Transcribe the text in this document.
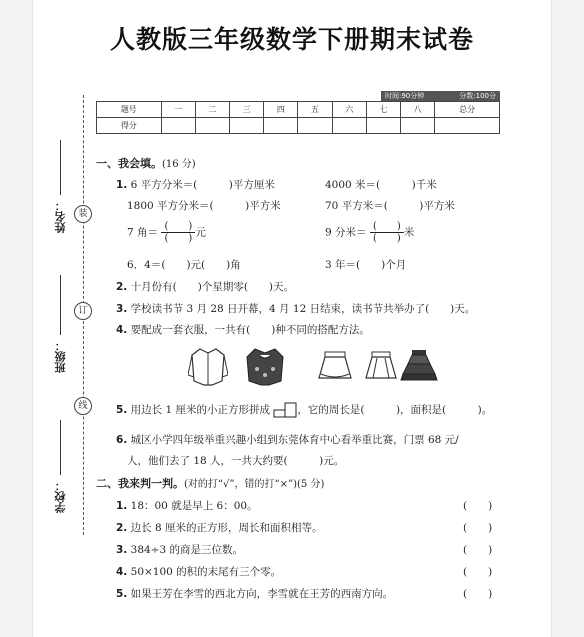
人教版三年级数学下册期末试卷
装
订
线
姓名：
班级：
学校：
时间:90分钟	分数:100分
题号	一	二	三	四	五	六	七	八	总分
得分									
一、我会填。(16 分)
1. 6 平方分米＝(　　　)平方厘米	4000 米＝(　　　)千米
1800 平方分米＝(　　　)平方米	70 平方米＝(　　　)平方米
7 角＝ $\frac{( )}{( )}$元	9 分米＝ $\frac{( )}{( )}$米
6．4＝(　　)元(　　)角	3 年＝(　　)个月
2. 十月份有(　　)个星期零(　　)天。
3. 学校读书节 3 月 28 日开幕，4 月 12 日结束，读书节共举办了(　　)天。
4. 要配成一套衣服，一共有(　　)种不同的搭配方法。
5. 用边长 1 厘米的小正方形拼成	，它的周长是(　　　)，面积是(　　　)。
6. 城区小学四年级举重兴趣小组到东莞体育中心看举重比赛，门票 68 元/
人，他们去了 18 人，一共大约要(　　　)元。
二、我来判一判。(对的打“√”，错的打“×”)(5 分)
1. 18：00 就是早上 6：00。	(　　)
2. 边长 8 厘米的正方形，周长和面积相等。	(　　)
3. 384÷3 的商是三位数。	(　　)
4. 50×100 的积的末尾有三个零。	(　　)
5. 如果王芳在李雪的西北方向，李雪就在王芳的西南方向。	(　　)
